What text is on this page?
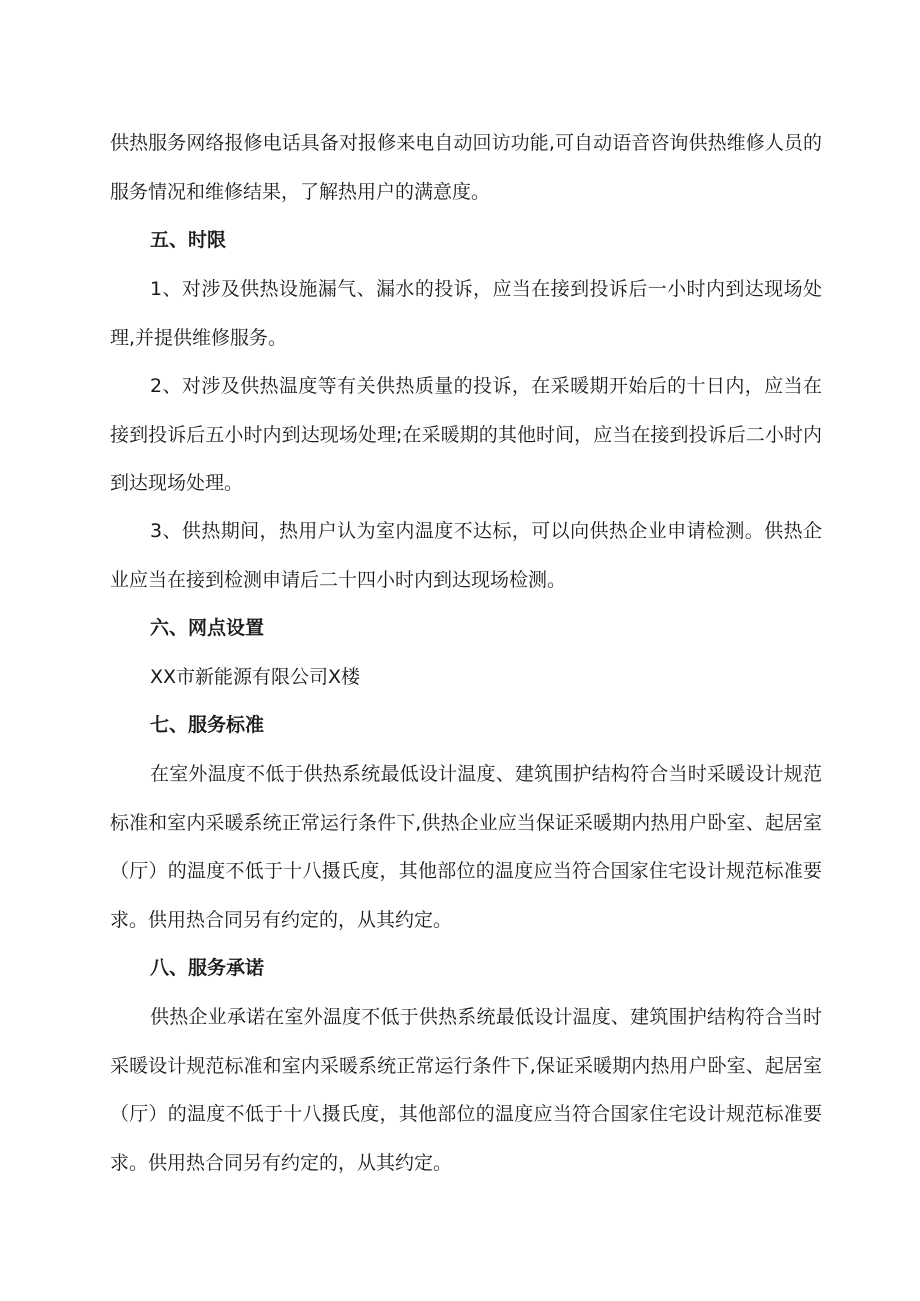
供热服务网络报修电话具备对报修来电自动回访功能,可自动语音咨询供热维修人员的服务情况和维修结果，了解热用户的满意度。

五、时限

1、对涉及供热设施漏气、漏水的投诉，应当在接到投诉后一小时内到达现场处理,并提供维修服务。

2、对涉及供热温度等有关供热质量的投诉，在采暖期开始后的十日内，应当在接到投诉后五小时内到达现场处理;在采暖期的其他时间，应当在接到投诉后二小时内到达现场处理。

3、供热期间，热用户认为室内温度不达标，可以向供热企业申请检测。供热企业应当在接到检测申请后二十四小时内到达现场检测。

六、网点设置

XX市新能源有限公司X楼

七、服务标准

在室外温度不低于供热系统最低设计温度、建筑围护结构符合当时采暖设计规范标准和室内采暖系统正常运行条件下,供热企业应当保证采暖期内热用户卧室、起居室（厅）的温度不低于十八摄氏度，其他部位的温度应当符合国家住宅设计规范标准要求。供用热合同另有约定的，从其约定。

八、服务承诺

供热企业承诺在室外温度不低于供热系统最低设计温度、建筑围护结构符合当时采暖设计规范标准和室内采暖系统正常运行条件下,保证采暖期内热用户卧室、起居室（厅）的温度不低于十八摄氏度，其他部位的温度应当符合国家住宅设计规范标准要求。供用热合同另有约定的，从其约定。
